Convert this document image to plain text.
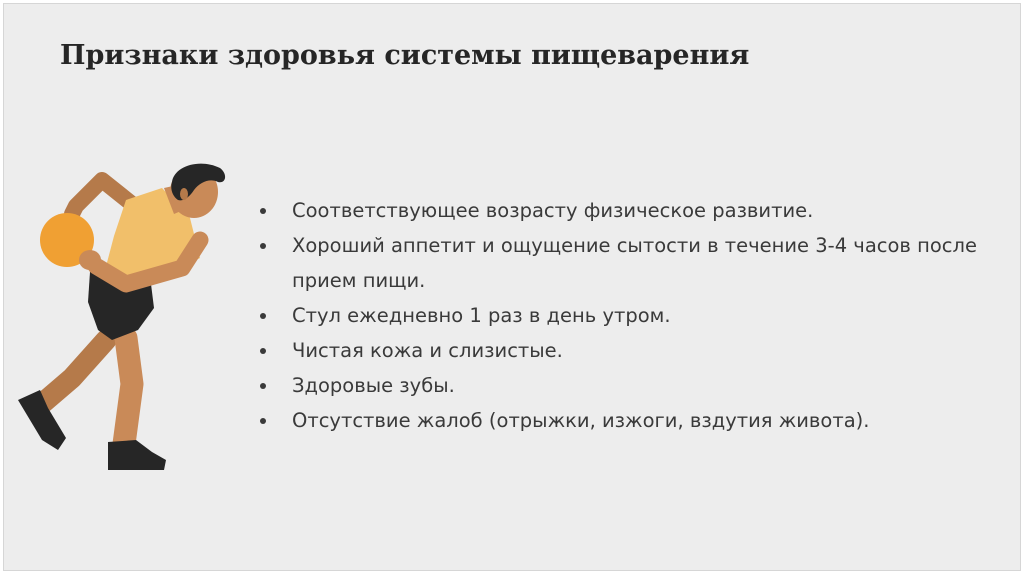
Признаки здоровья системы пищеварения
Соответствующее возрасту физическое развитие.
Хороший аппетит и ощущение сытости в течение 3-4 часов после прием пищи.
Стул ежедневно 1 раз в день утром.
Чистая кожа и слизистые.
Здоровые зубы.
Отсутствие жалоб (отрыжки, изжоги, вздутия живота).
